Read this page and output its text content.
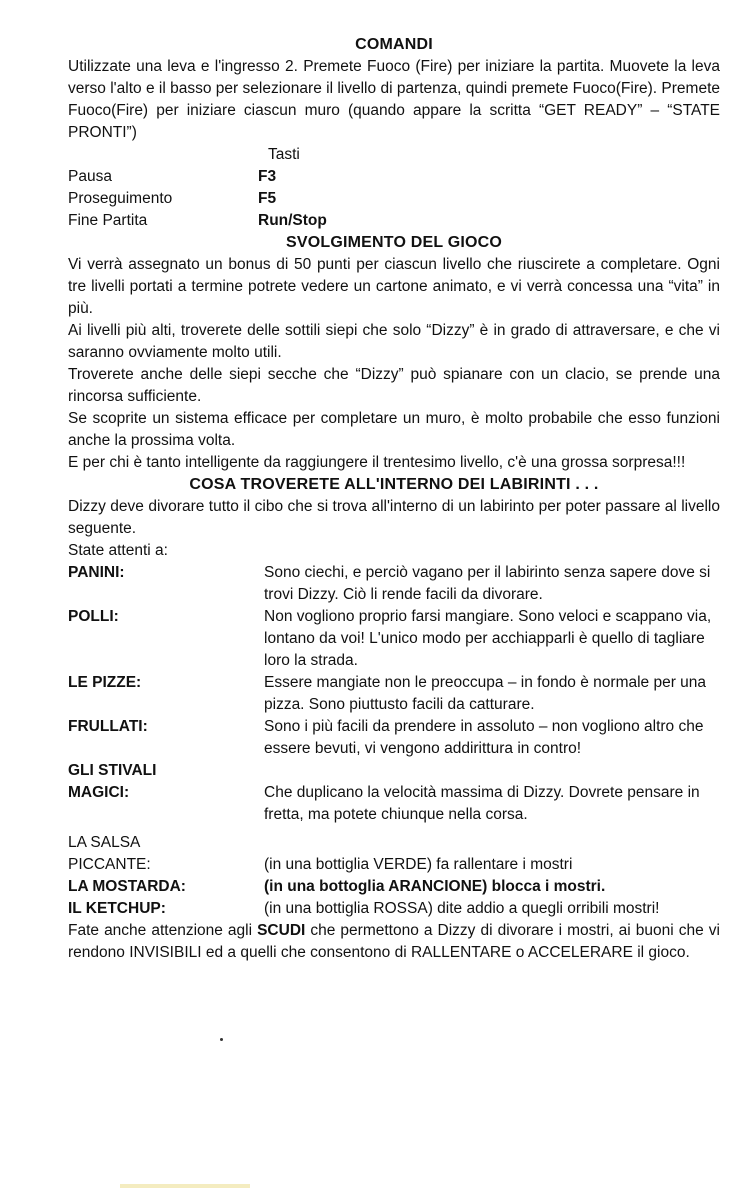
COMANDI

Utilizzate una leva e l'ingresso 2. Premete Fuoco (Fire) per iniziare la partita. Muovete la leva verso l'alto e il basso per selezionare il livello di partenza, quindi premete Fuoco(Fire). Premete Fuoco(Fire) per iniziare ciascun muro (quando appare la scritta “GET READY” – “STATE PRONTI”)

Tasti
Pausa	F3
Proseguimento	F5
Fine Partita	Run/Stop
SVOLGIMENTO DEL GIOCO

Vi verrà assegnato un bonus di 50 punti per ciascun livello che riuscirete a completare. Ogni tre livelli portati a termine potrete vedere un cartone animato, e vi verrà concessa una “vita” in più.

Ai livelli più alti, troverete delle sottili siepi che solo “Dizzy” è in grado di attraversare, e che vi saranno ovviamente molto utili.

Troverete anche delle siepi secche che “Dizzy” può spianare con un clacio, se prende una rincorsa sufficiente.

Se scoprite un sistema efficace per completare un muro, è molto probabile che esso funzioni anche la prossima volta.

E per chi è tanto intelligente da raggiungere il trentesimo livello, c'è una grossa sorpresa!!!

COSA TROVERETE ALL'INTERNO DEI LABIRINTI . . .

Dizzy deve divorare tutto il cibo che si trova all'interno di un labirinto per poter passare al livello seguente.

State attenti a:
PANINI:	Sono ciechi, e perciò vagano per il labirinto senza sapere dove si trovi Dizzy. Ciò li rende facili da divorare.
POLLI:	Non vogliono proprio farsi mangiare. Sono veloci e scappano via, lontano da voi! L'unico modo per acchiapparli è quello di tagliare loro la strada.
LE PIZZE:	Essere mangiate non le preoccupa – in fondo è normale per una pizza. Sono piuttusto facili da catturare.
FRULLATI:	Sono i più facili da prendere in assoluto – non vogliono altro che essere bevuti, vi vengono addirittura in contro!
GLI STIVALI
MAGICI:	Che duplicano la velocità massima di Dizzy. Dovrete pensare in fretta, ma potete chiunque nella corsa.
LA SALSA
PICCANTE:	(in una bottiglia VERDE) fa rallentare i mostri
LA MOSTARDA:	(in una bottoglia ARANCIONE) blocca i mostri.
IL KETCHUP:	(in una bottiglia ROSSA) dite addio a quegli orribili mostri!

Fate anche attenzione agli SCUDI che permettono a Dizzy di divorare i mostri, ai buoni che vi rendono INVISIBILI ed a quelli che consentono di RALLENTARE o ACCELERARE il gioco.
